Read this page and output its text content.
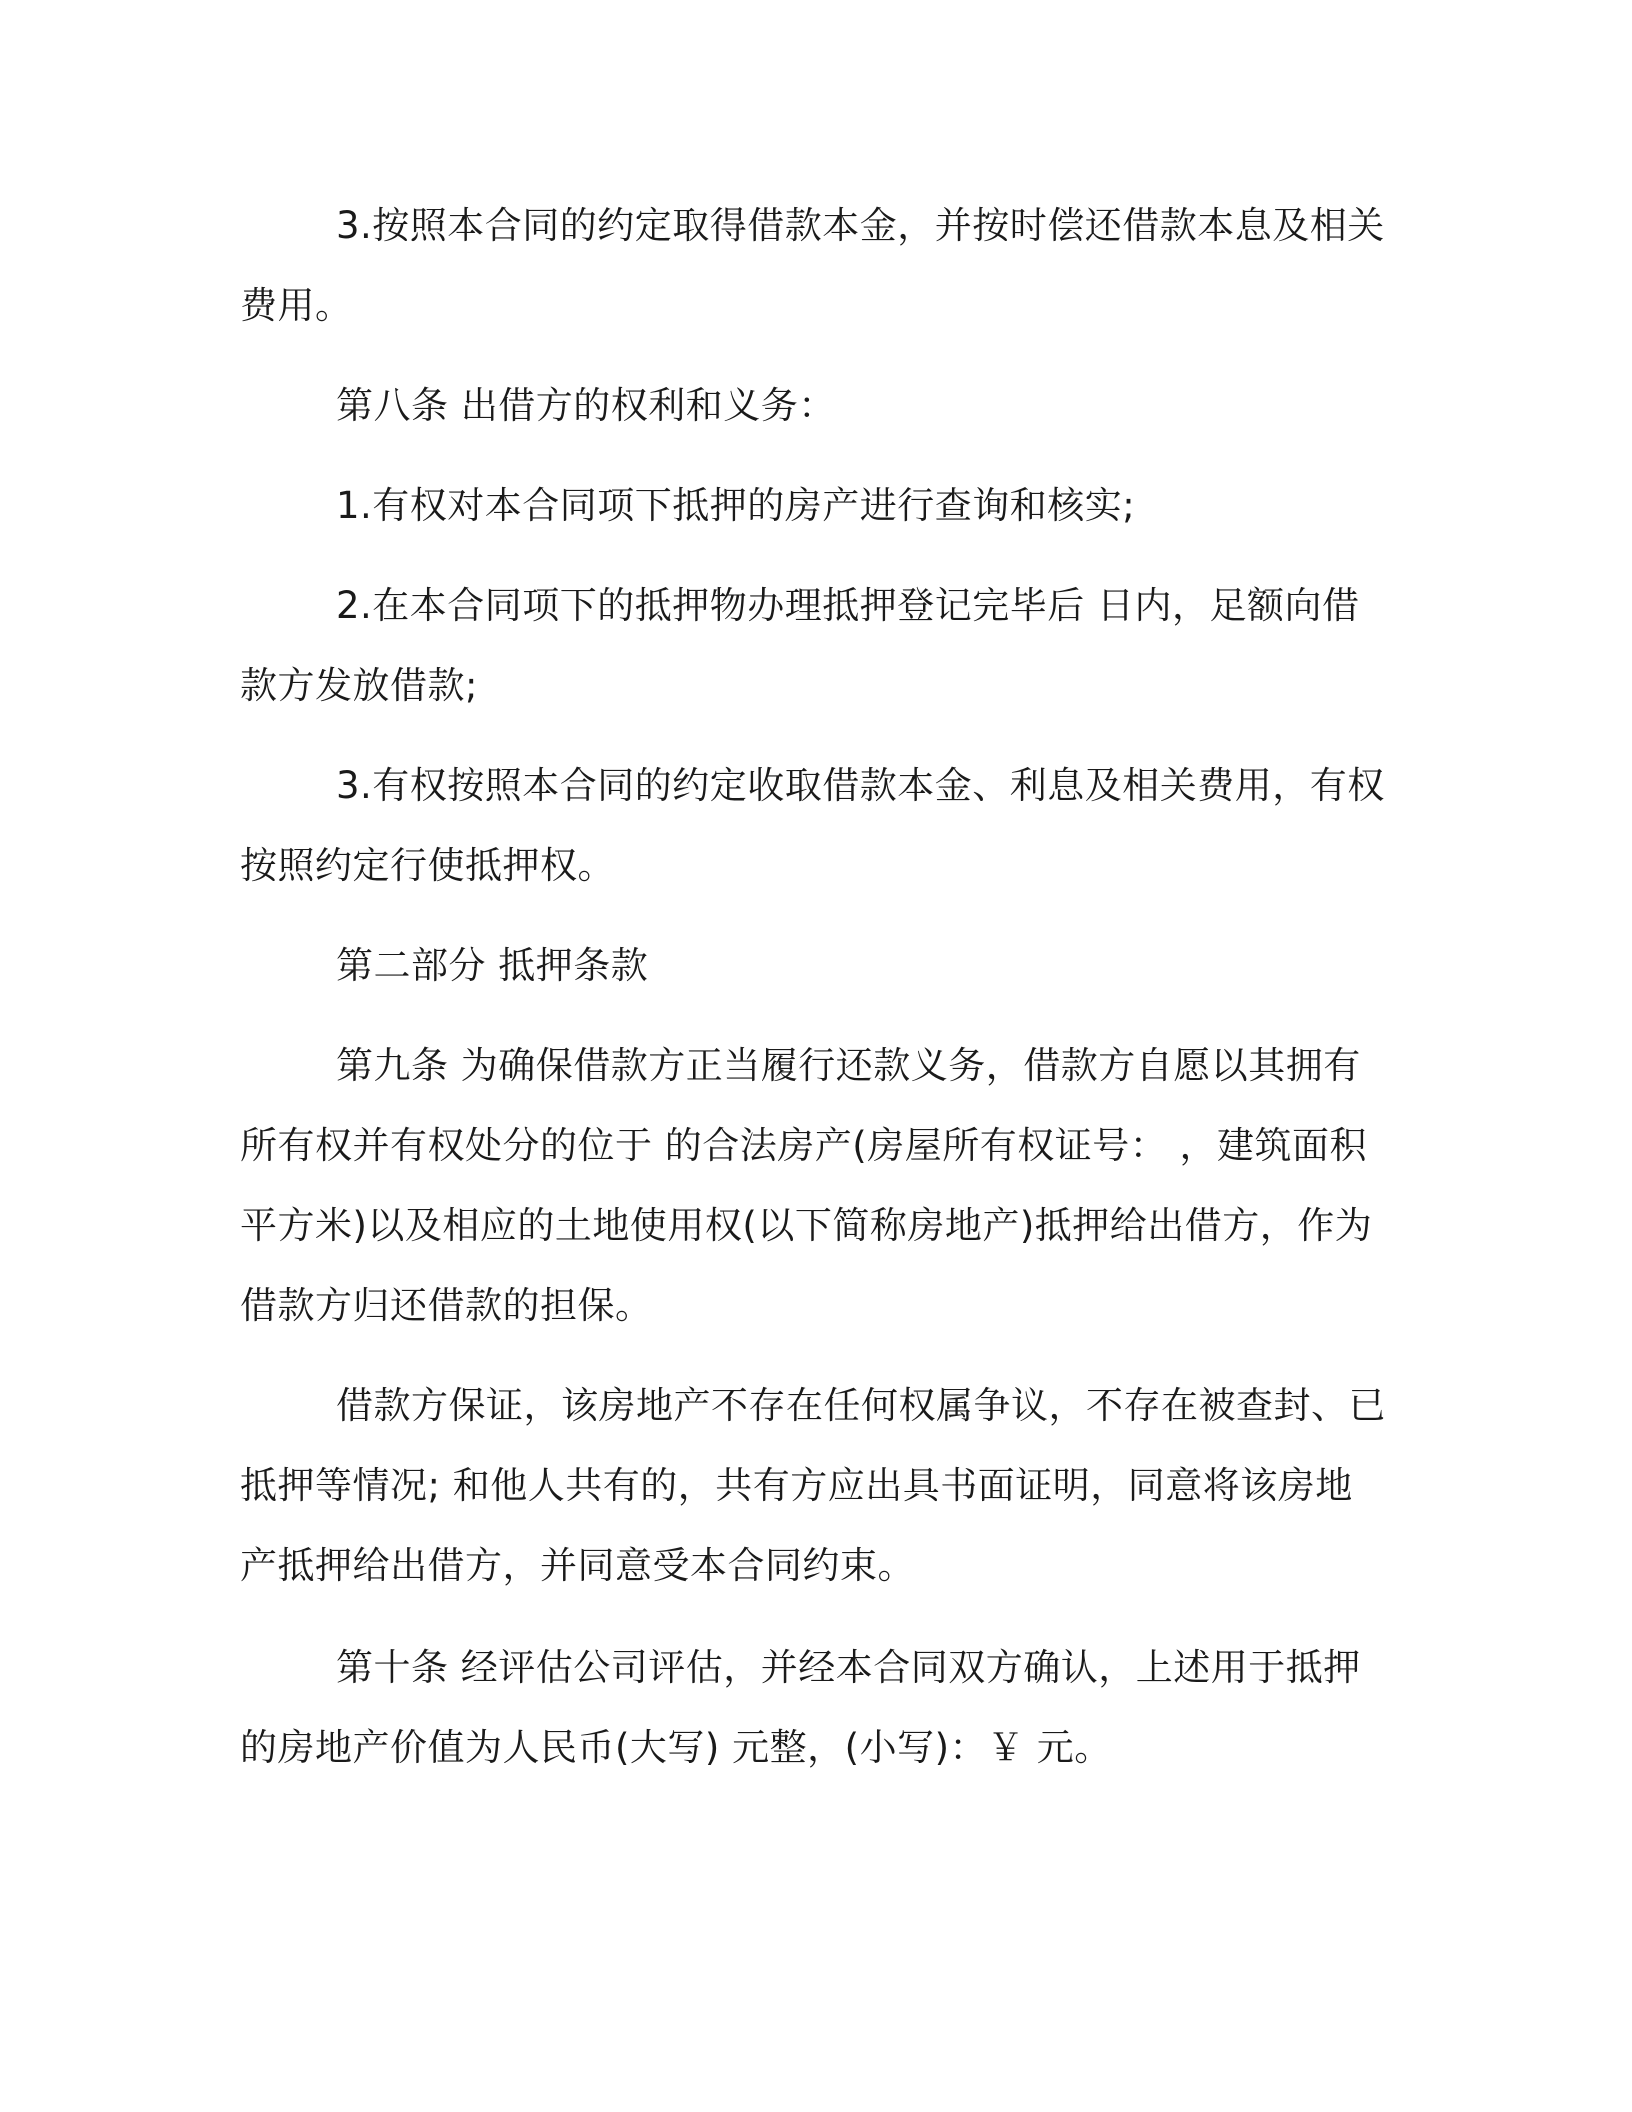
3.按照本合同的约定取得借款本金，并按时偿还借款本息及相关费用。

第八条 出借方的权利和义务：

1.有权对本合同项下抵押的房产进行查询和核实;

2.在本合同项下的抵押物办理抵押登记完毕后 日内，足额向借款方发放借款;

3.有权按照本合同的约定收取借款本金、利息及相关费用，有权按照约定行使抵押权。

第二部分 抵押条款

第九条 为确保借款方正当履行还款义务，借款方自愿以其拥有所有权并有权处分的位于 的合法房产(房屋所有权证号： ，建筑面积 平方米)以及相应的土地使用权(以下简称房地产)抵押给出借方，作为借款方归还借款的担保。

借款方保证，该房地产不存在任何权属争议，不存在被查封、已抵押等情况; 和他人共有的，共有方应出具书面证明，同意将该房地产抵押给出借方，并同意受本合同约束。

第十条 经评估公司评估，并经本合同双方确认，上述用于抵押的房地产价值为人民币(大写) 元整，(小写)：￥ 元。
